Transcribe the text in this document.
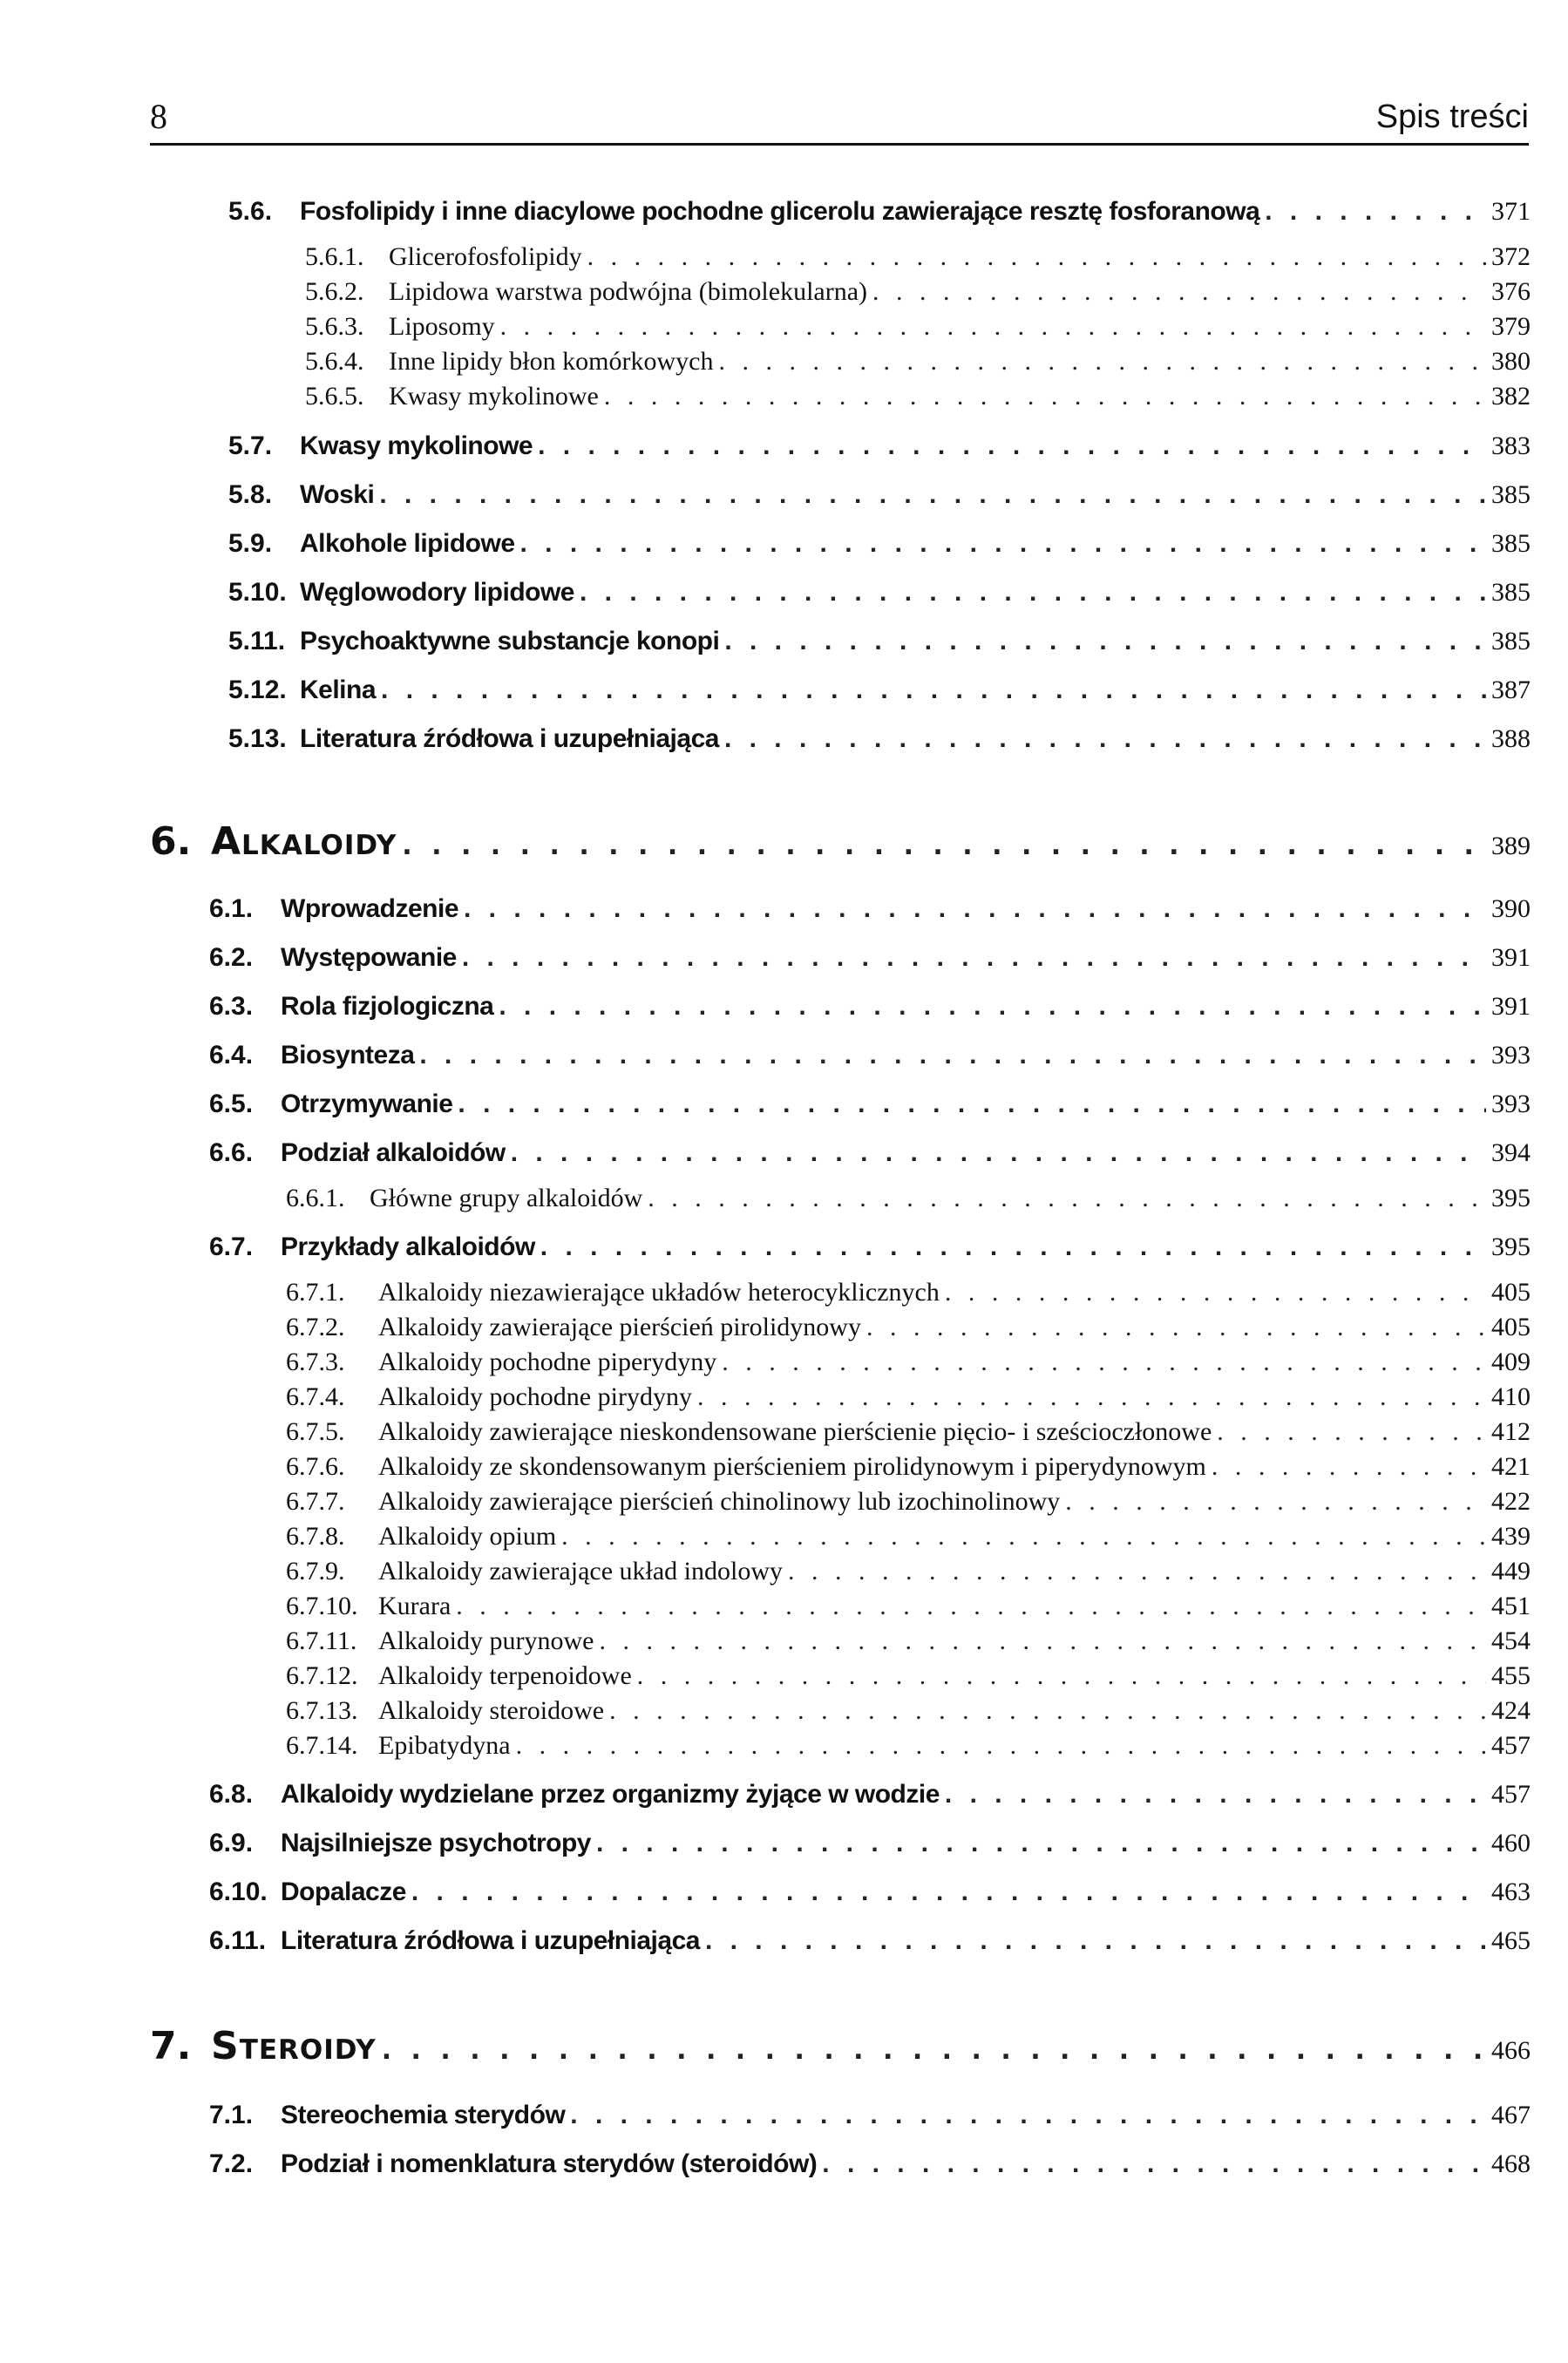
8	Spis treści
5.6.	Fosfolipidy i inne diacylowe pochodne glicerolu zawierające resztę fosforanową . . .	371
5.6.1. Glicerofosfolipidy . . .	372
5.6.2. Lipidowa warstwa podwójna (bimolekularna) . . .	376
5.6.3. Liposomy . . .	379
5.6.4. Inne lipidy błon komórkowych . . .	380
5.6.5. Kwasy mykolinowe . . .	382
5.7.	Kwasy mykolinowe . . .	383
5.8.	Woski . . .	385
5.9.	Alkohole lipidowe . . .	385
5.10. Węglowodory lipidowe . . .	385
5.11. Psychoaktywne substancje konopi . . .	385
5.12. Kelina . . .	387
5.13. Literatura źródłowa i uzupełniająca . . .	388
6. Alkaloidy . . .	389
6.1.	Wprowadzenie . . .	390
6.2.	Występowanie . . .	391
6.3.	Rola fizjologiczna . . .	391
6.4.	Biosynteza . . .	393
6.5.	Otrzymywanie . . .	393
6.6.	Podział alkaloidów . . .	394
6.6.1. Główne grupy alkaloidów . . .	395
6.7.	Przykłady alkaloidów . . .	395
6.7.1.	Alkaloidy niezawierające układów heterocyklicznych . . .	405
6.7.2.	Alkaloidy zawierające pierścień pirolidynowy . . .	405
6.7.3.	Alkaloidy pochodne piperydyny . . .	409
6.7.4.	Alkaloidy pochodne pirydyny . . .	410
6.7.5.	Alkaloidy zawierające nieskondensowane pierścienie pięcio- i sześcioczłonowe . . .	412
6.7.6.	Alkaloidy ze skondensowanym pierścieniem pirolidynowym i piperydynowym . . .	421
6.7.7.	Alkaloidy zawierające pierścień chinolinowy lub izochinolinowy . . .	422
6.7.8.	Alkaloidy opium . . .	439
6.7.9.	Alkaloidy zawierające układ indolowy . . .	449
6.7.10. Kurara . . .	451
6.7.11. Alkaloidy purynowe . . .	454
6.7.12. Alkaloidy terpenoidowe . . .	455
6.7.13. Alkaloidy steroidowe . . .	424
6.7.14. Epibatydyna . . .	457
6.8.	Alkaloidy wydzielane przez organizmy żyjące w wodzie . . .	457
6.9.	Najsilniejsze psychotropy . . .	460
6.10. Dopalacze . . .	463
6.11. Literatura źródłowa i uzupełniająca . . .	465
7. Steroidy . . .	466
7.1.	Stereochemia sterydów . . .	467
7.2.	Podział i nomenklatura sterydów (steroidów) . . .	468
